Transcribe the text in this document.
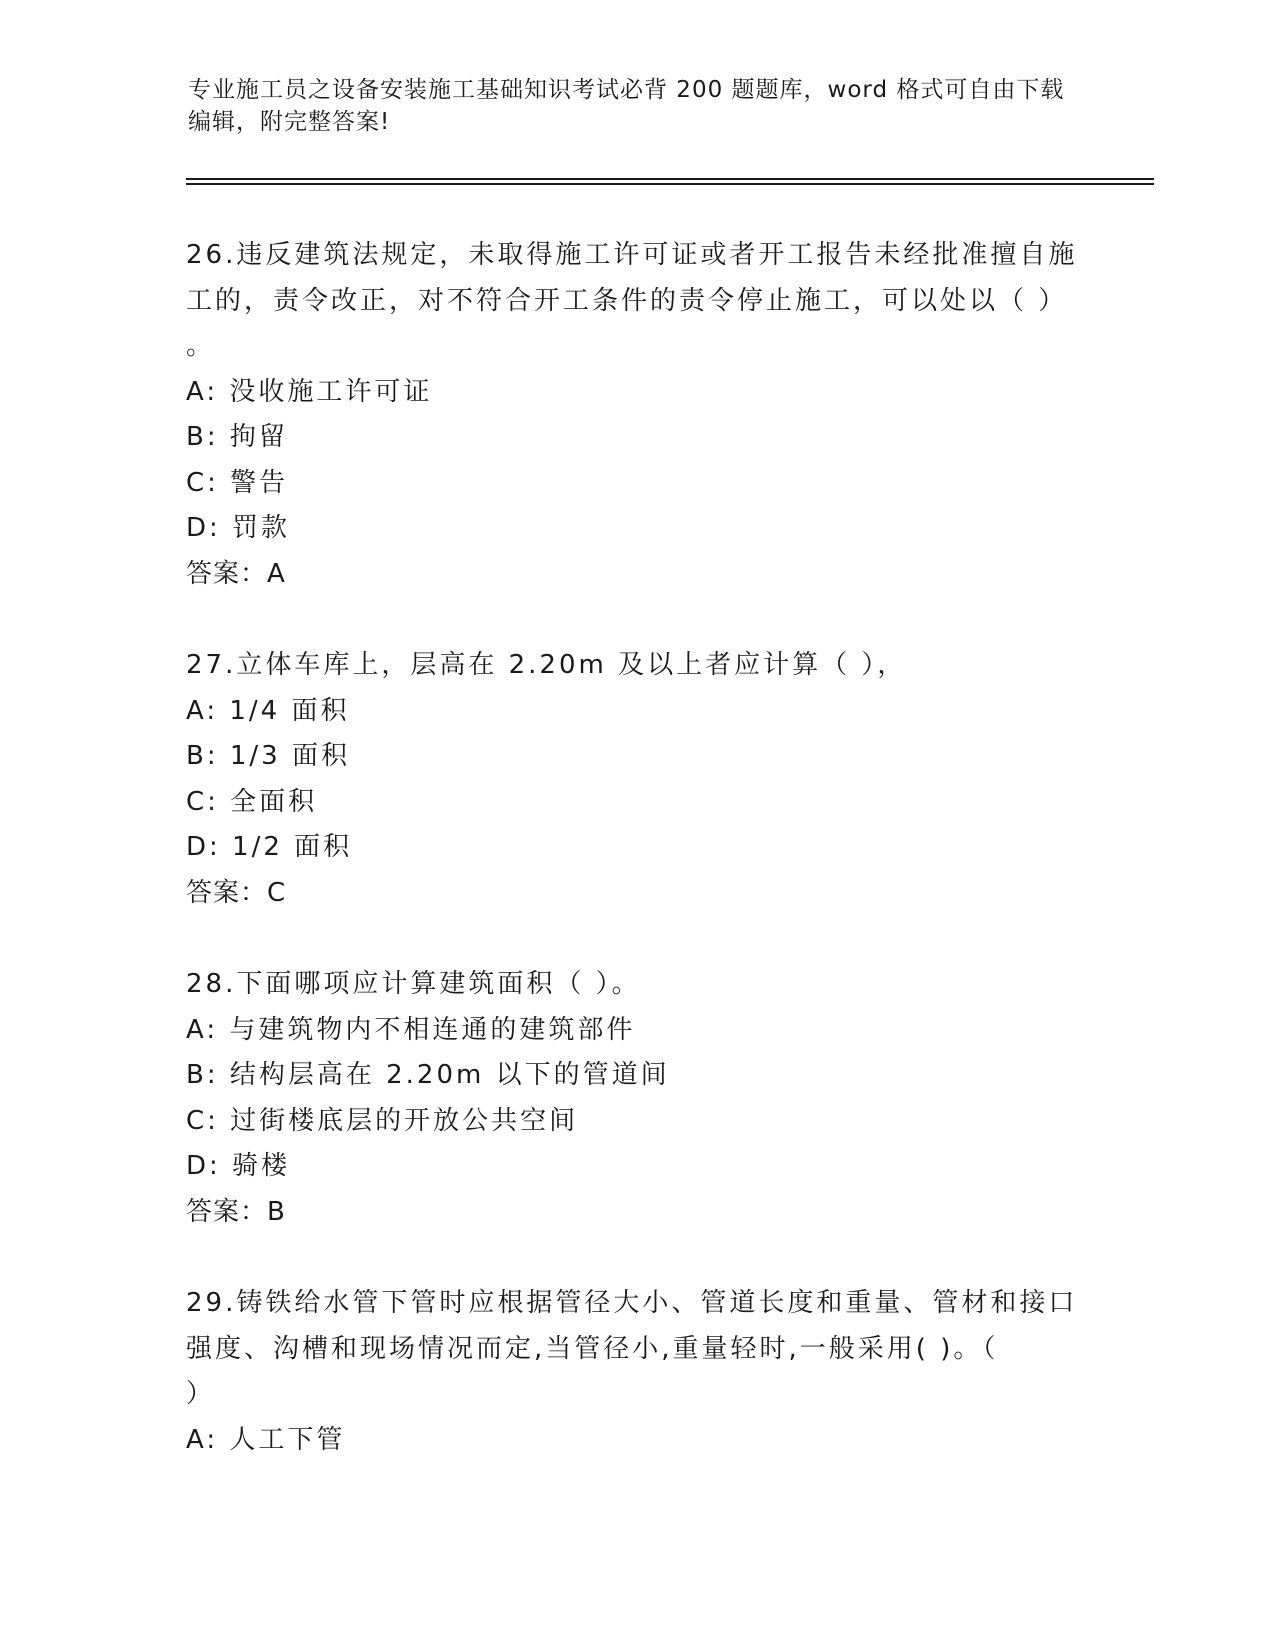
专业施工员之设备安装施工基础知识考试必背 200 题题库，word 格式可自由下载
编辑，附完整答案!
26.违反建筑法规定，未取得施工许可证或者开工报告未经批准擅自施
工的，责令改正，对不符合开工条件的责令停止施工，可以处以（ ）
。
A: 没收施工许可证
B: 拘留
C: 警告
D: 罚款
答案：A
27.立体车库上，层高在 2.20m 及以上者应计算（ ），
A: 1/4 面积
B: 1/3 面积
C: 全面积
D: 1/2 面积
答案：C
28.下面哪项应计算建筑面积（ ）。
A: 与建筑物内不相连通的建筑部件
B: 结构层高在 2.20m 以下的管道间
C: 过街楼底层的开放公共空间
D: 骑楼
答案：B
29.铸铁给水管下管时应根据管径大小、管道长度和重量、管材和接口
强度、沟槽和现场情况而定,当管径小,重量轻时,一般采用( )。（
）
A: 人工下管
